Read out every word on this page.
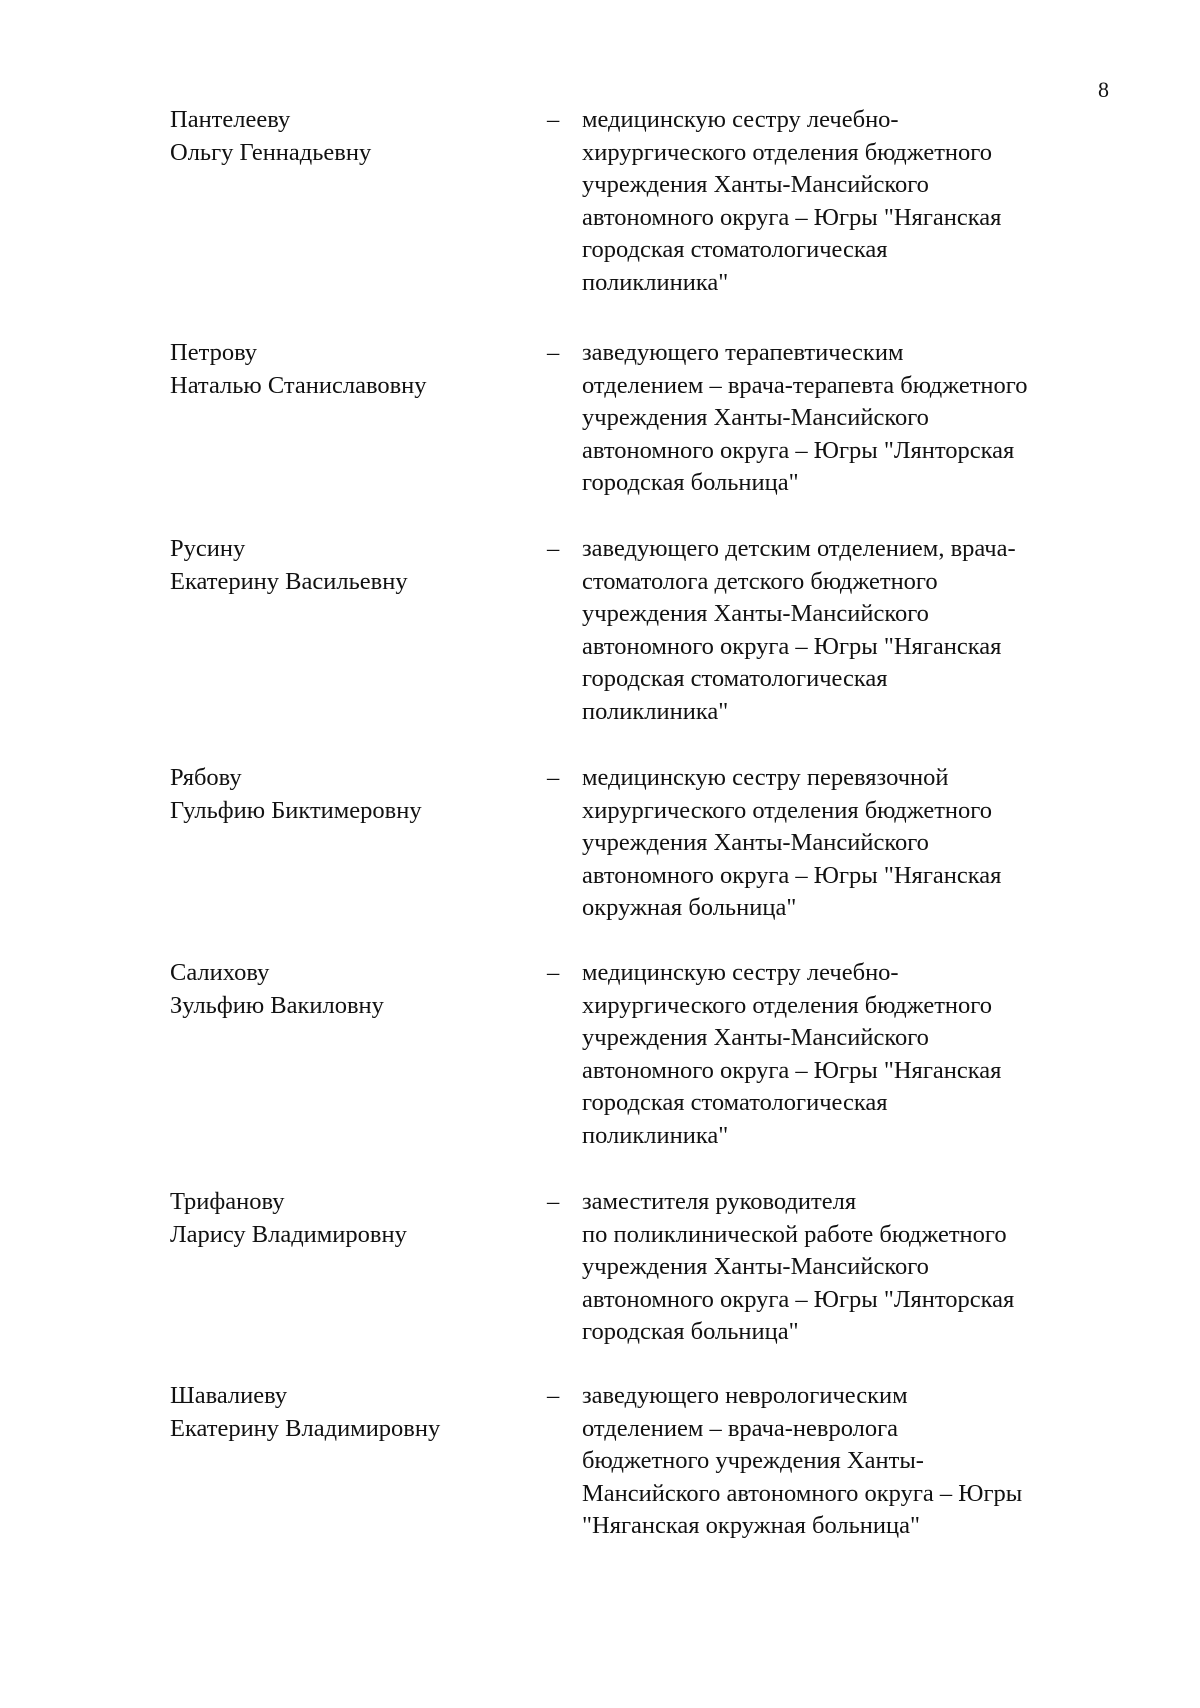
8
Пантелееву
Ольгу Геннадьевну
– медицинскую сестру лечебно-
хирургического отделения бюджетного
учреждения Ханты-Мансийского
автономного округа – Югры "Няганская
городская стоматологическая
поликлиника"
Петрову
Наталью Станиславовну
– заведующего терапевтическим
отделением – врача-терапевта бюджетного
учреждения Ханты-Мансийского
автономного округа – Югры "Лянторская
городская больница"
Русину
Екатерину Васильевну
– заведующего детским отделением, врача-
стоматолога детского бюджетного
учреждения Ханты-Мансийского
автономного округа – Югры "Няганская
городская стоматологическая
поликлиника"
Рябову
Гульфию Биктимеровну
– медицинскую сестру перевязочной
хирургического отделения бюджетного
учреждения Ханты-Мансийского
автономного округа – Югры "Няганская
окружная больница"
Салихову
Зульфию Вакиловну
– медицинскую сестру лечебно-
хирургического отделения бюджетного
учреждения Ханты-Мансийского
автономного округа – Югры "Няганская
городская стоматологическая
поликлиника"
Трифанову
Ларису Владимировну
– заместителя руководителя
по поликлинической работе бюджетного
учреждения Ханты-Мансийского
автономного округа – Югры "Лянторская
городская больница"
Шавалиеву
Екатерину Владимировну
– заведующего неврологическим
отделением – врача-невролога
бюджетного учреждения Ханты-
Мансийского автономного округа – Югры
"Няганская окружная больница"
